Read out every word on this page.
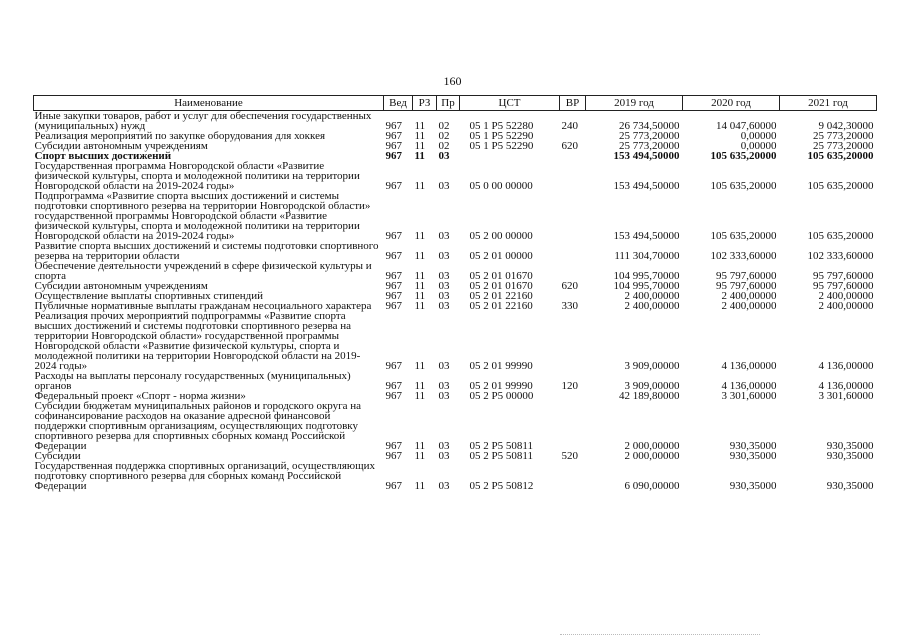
160
Наименование	Вед	РЗ	Пр	ЦСТ	ВР	2019 год	2020 год	2021 год
Иные закупки товаров, работ и услуг для обеспечения государственных (муниципальных) нужд	967	11	02	05 1 P5 52280	240	26 734,50000	14 047,60000	9 042,30000
Реализация мероприятий по закупке оборудования для хоккея	967	11	02	05 1 P5 52290		25 773,20000	0,00000	25 773,20000
Субсидии автономным учреждениям	967	11	02	05 1 P5 52290	620	25 773,20000	0,00000	25 773,20000
Спорт высших достижений	967	11	03			153 494,50000	105 635,20000	105 635,20000
Государственная программа Новгородской области «Развитие физической культуры, спорта и молодежной политики на территории Новгородской области на 2019-2024 годы»	967	11	03	05 0 00 00000		153 494,50000	105 635,20000	105 635,20000
Подпрограмма «Развитие спорта высших достижений и системы подготовки спортивного резерва на территории Новгородской области» государственной программы Новгородской области «Развитие физической культуры, спорта и молодежной политики на территории Новгородской области на 2019-2024 годы»	967	11	03	05 2 00 00000		153 494,50000	105 635,20000	105 635,20000
Развитие спорта высших достижений и системы подготовки спортивного резерва на территории области	967	11	03	05 2 01 00000		111 304,70000	102 333,60000	102 333,60000
Обеспечение деятельности учреждений в сфере физической культуры и спорта	967	11	03	05 2 01 01670		104 995,70000	95 797,60000	95 797,60000
Субсидии автономным учреждениям	967	11	03	05 2 01 01670	620	104 995,70000	95 797,60000	95 797,60000
Осуществление выплаты спортивных стипендий	967	11	03	05 2 01 22160		2 400,00000	2 400,00000	2 400,00000
Публичные нормативные выплаты гражданам несоциального характера	967	11	03	05 2 01 22160	330	2 400,00000	2 400,00000	2 400,00000
Реализация прочих мероприятий подпрограммы «Развитие спорта высших достижений и системы подготовки спортивного резерва на территории Новгородской области» государственной программы Новгородской области «Развитие физической культуры, спорта и молодежной политики на территории Новгородской области на 2019-2024 годы»	967	11	03	05 2 01 99990		3 909,00000	4 136,00000	4 136,00000
Расходы на выплаты персоналу государственных (муниципальных) органов	967	11	03	05 2 01 99990	120	3 909,00000	4 136,00000	4 136,00000
Федеральный проект «Спорт - норма жизни»	967	11	03	05 2 P5 00000		42 189,80000	3 301,60000	3 301,60000
Субсидии бюджетам муниципальных районов и городского округа на софинансирование расходов на оказание адресной финансовой поддержки спортивным организациям, осуществляющих подготовку спортивного резерва для спортивных сборных команд Российской Федерации	967	11	03	05 2 P5 50811		2 000,00000	930,35000	930,35000
Субсидии	967	11	03	05 2 P5 50811	520	2 000,00000	930,35000	930,35000
Государственная поддержка спортивных организаций, осуществляющих подготовку спортивного резерва для сборных команд Российской Федерации	967	11	03	05 2 P5 50812		6 090,00000	930,35000	930,35000
